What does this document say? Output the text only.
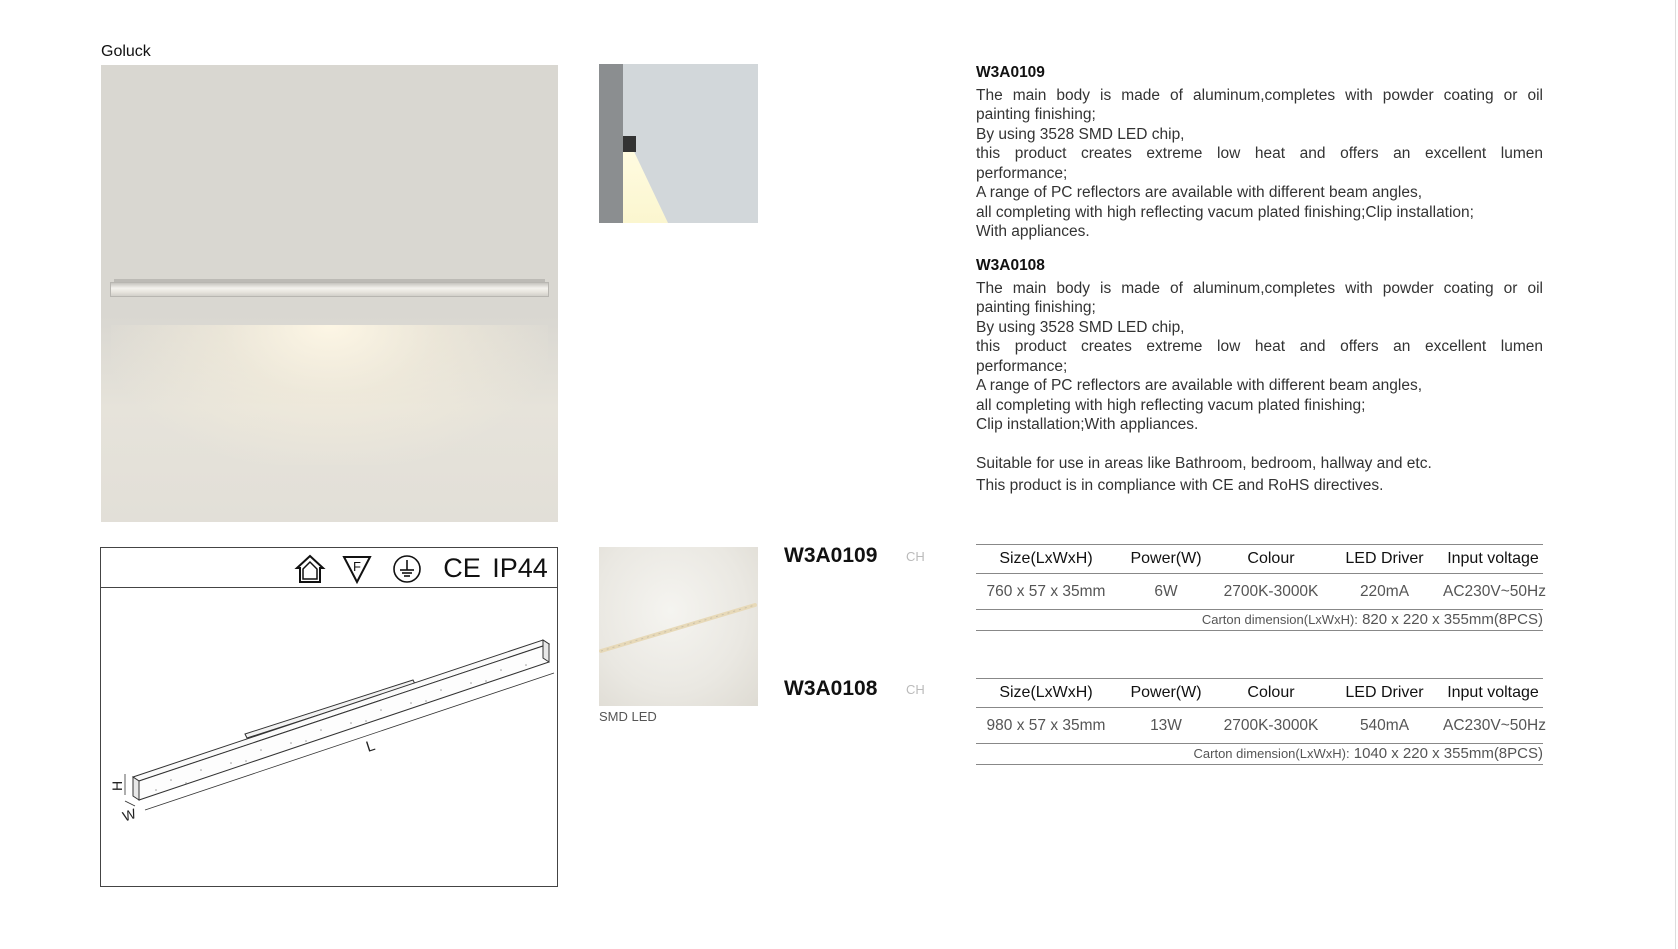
Goluck
W3A0109
The main body is made of aluminum,completes with powder coating or oil
painting finishing;
By using 3528 SMD LED chip,
this product creates extreme low heat and offers an excellent lumen
performance;
A range of PC reflectors are available with different beam angles,
all completing with high reflecting vacum plated finishing;Clip installation;
With appliances.
W3A0108
The main body is made of aluminum,completes with powder coating or oil
painting finishing;
By using 3528 SMD LED chip,
this product creates extreme low heat and offers an excellent lumen
performance;
A range of PC reflectors are available with different beam angles,
all completing with high reflecting vacum plated finishing;
Clip installation;With appliances.
Suitable for use in areas like Bathroom, bedroom, hallway and etc.
This product is in compliance with CE and RoHS directives.
F	CE IP44
L
H
W
SMD LED
W3A0109 CH
W3A0108 CH
Size(LxWxH)	Power(W)	Colour	LED Driver	Input voltage
760 x 57 x 35mm	6W	2700K-3000K	220mA	AC230V~50Hz
Carton dimension(LxWxH): 820 x 220 x 355mm(8PCS)
Size(LxWxH)	Power(W)	Colour	LED Driver	Input voltage
980 x 57 x 35mm	13W	2700K-3000K	540mA	AC230V~50Hz
Carton dimension(LxWxH): 1040 x 220 x 355mm(8PCS)
